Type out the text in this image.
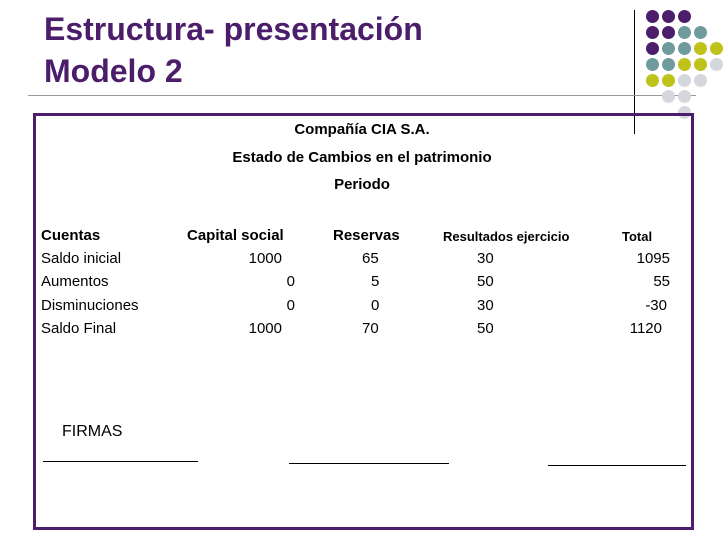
Estructura- presentación
Modelo 2
Compañía CIA S.A.
Estado de Cambios en el patrimonio
Periodo
Cuentas	Capital social	Reservas	Resultados ejercicio	Total
Saldo inicial	1000	65	30	1095
Aumentos	0	5	50	55
Disminuciones	0	0	30	-30
Saldo Final	1000	70	50	1120
FIRMAS
